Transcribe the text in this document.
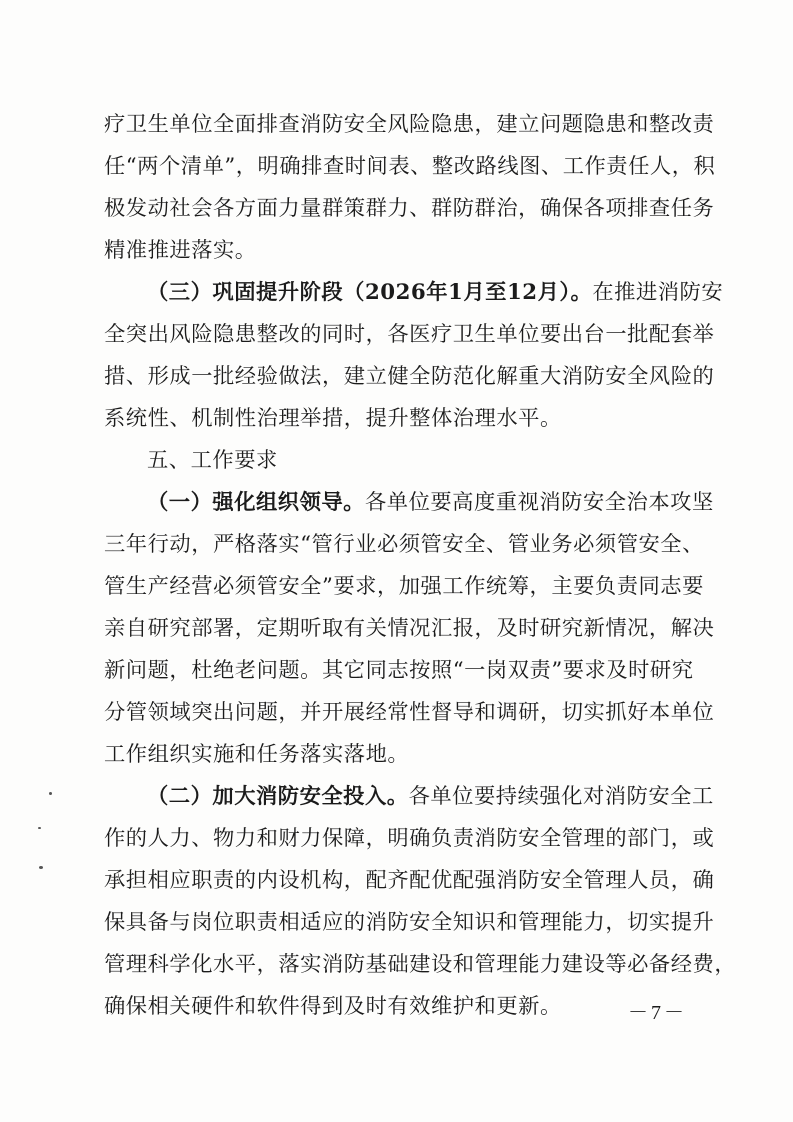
疗卫生单位全面排查消防安全风险隐患，建立问题隐患和整改责
任“两个清单”，明确排查时间表、整改路线图、工作责任人，积
极发动社会各方面力量群策群力、群防群治，确保各项排查任务
精准推进落实。
（三）巩固提升阶段（2026年1月至12月）。在推进消防安
全突出风险隐患整改的同时，各医疗卫生单位要出台一批配套举
措、形成一批经验做法，建立健全防范化解重大消防安全风险的
系统性、机制性治理举措，提升整体治理水平。
五、工作要求
（一）强化组织领导。各单位要高度重视消防安全治本攻坚
三年行动，严格落实“管行业必须管安全、管业务必须管安全、
管生产经营必须管安全”要求，加强工作统筹，主要负责同志要
亲自研究部署，定期听取有关情况汇报，及时研究新情况，解决
新问题，杜绝老问题。其它同志按照“一岗双责”要求及时研究
分管领域突出问题，并开展经常性督导和调研，切实抓好本单位
工作组织实施和任务落实落地。
（二）加大消防安全投入。各单位要持续强化对消防安全工
作的人力、物力和财力保障，明确负责消防安全管理的部门，或
承担相应职责的内设机构，配齐配优配强消防安全管理人员，确
保具备与岗位职责相适应的消防安全知识和管理能力，切实提升
管理科学化水平，落实消防基础建设和管理能力建设等必备经费，
确保相关硬件和软件得到及时有效维护和更新。	－7－
